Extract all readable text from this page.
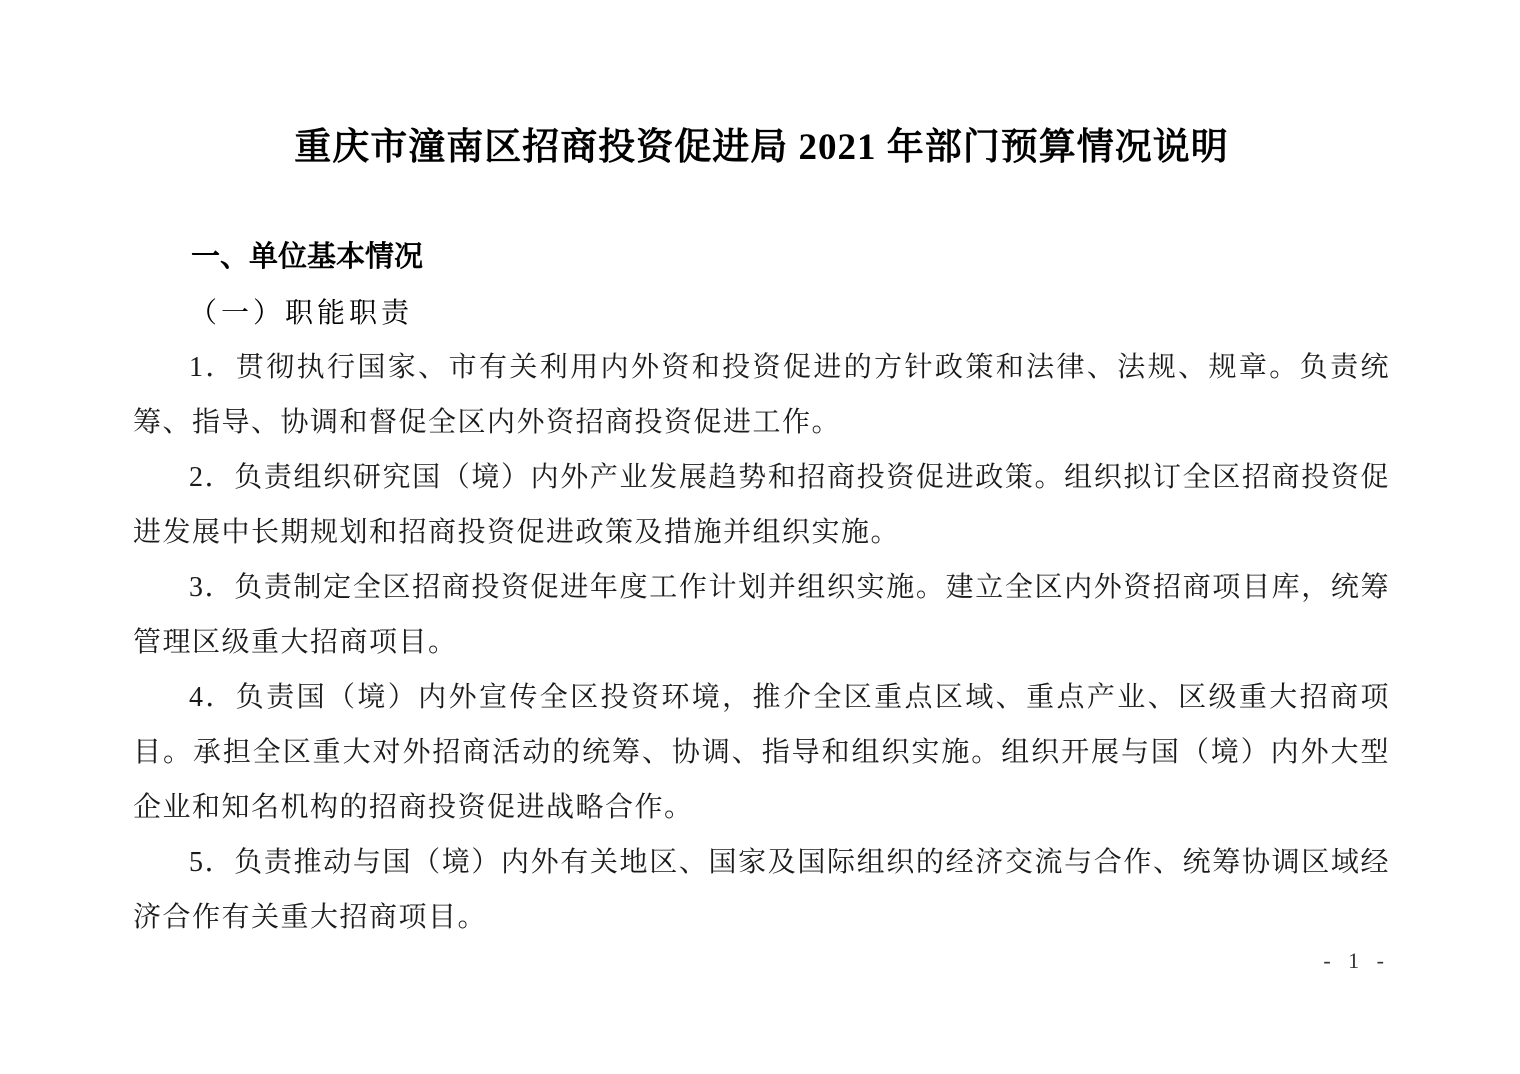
重庆市潼南区招商投资促进局 2021 年部门预算情况说明
一、单位基本情况
（一）职能职责

1．贯彻执行国家、市有关利用内外资和投资促进的方针政策和法律、法规、规章。负责统筹、指导、协调和督促全区内外资招商投资促进工作。

2．负责组织研究国（境）内外产业发展趋势和招商投资促进政策。组织拟订全区招商投资促进发展中长期规划和招商投资促进政策及措施并组织实施。

3．负责制定全区招商投资促进年度工作计划并组织实施。建立全区内外资招商项目库，统筹管理区级重大招商项目。

4．负责国（境）内外宣传全区投资环境，推介全区重点区域、重点产业、区级重大招商项目。承担全区重大对外招商活动的统筹、协调、指导和组织实施。组织开展与国（境）内外大型企业和知名机构的招商投资促进战略合作。

5．负责推动与国（境）内外有关地区、国家及国际组织的经济交流与合作、统筹协调区域经济合作有关重大招商项目。

- 1 -
